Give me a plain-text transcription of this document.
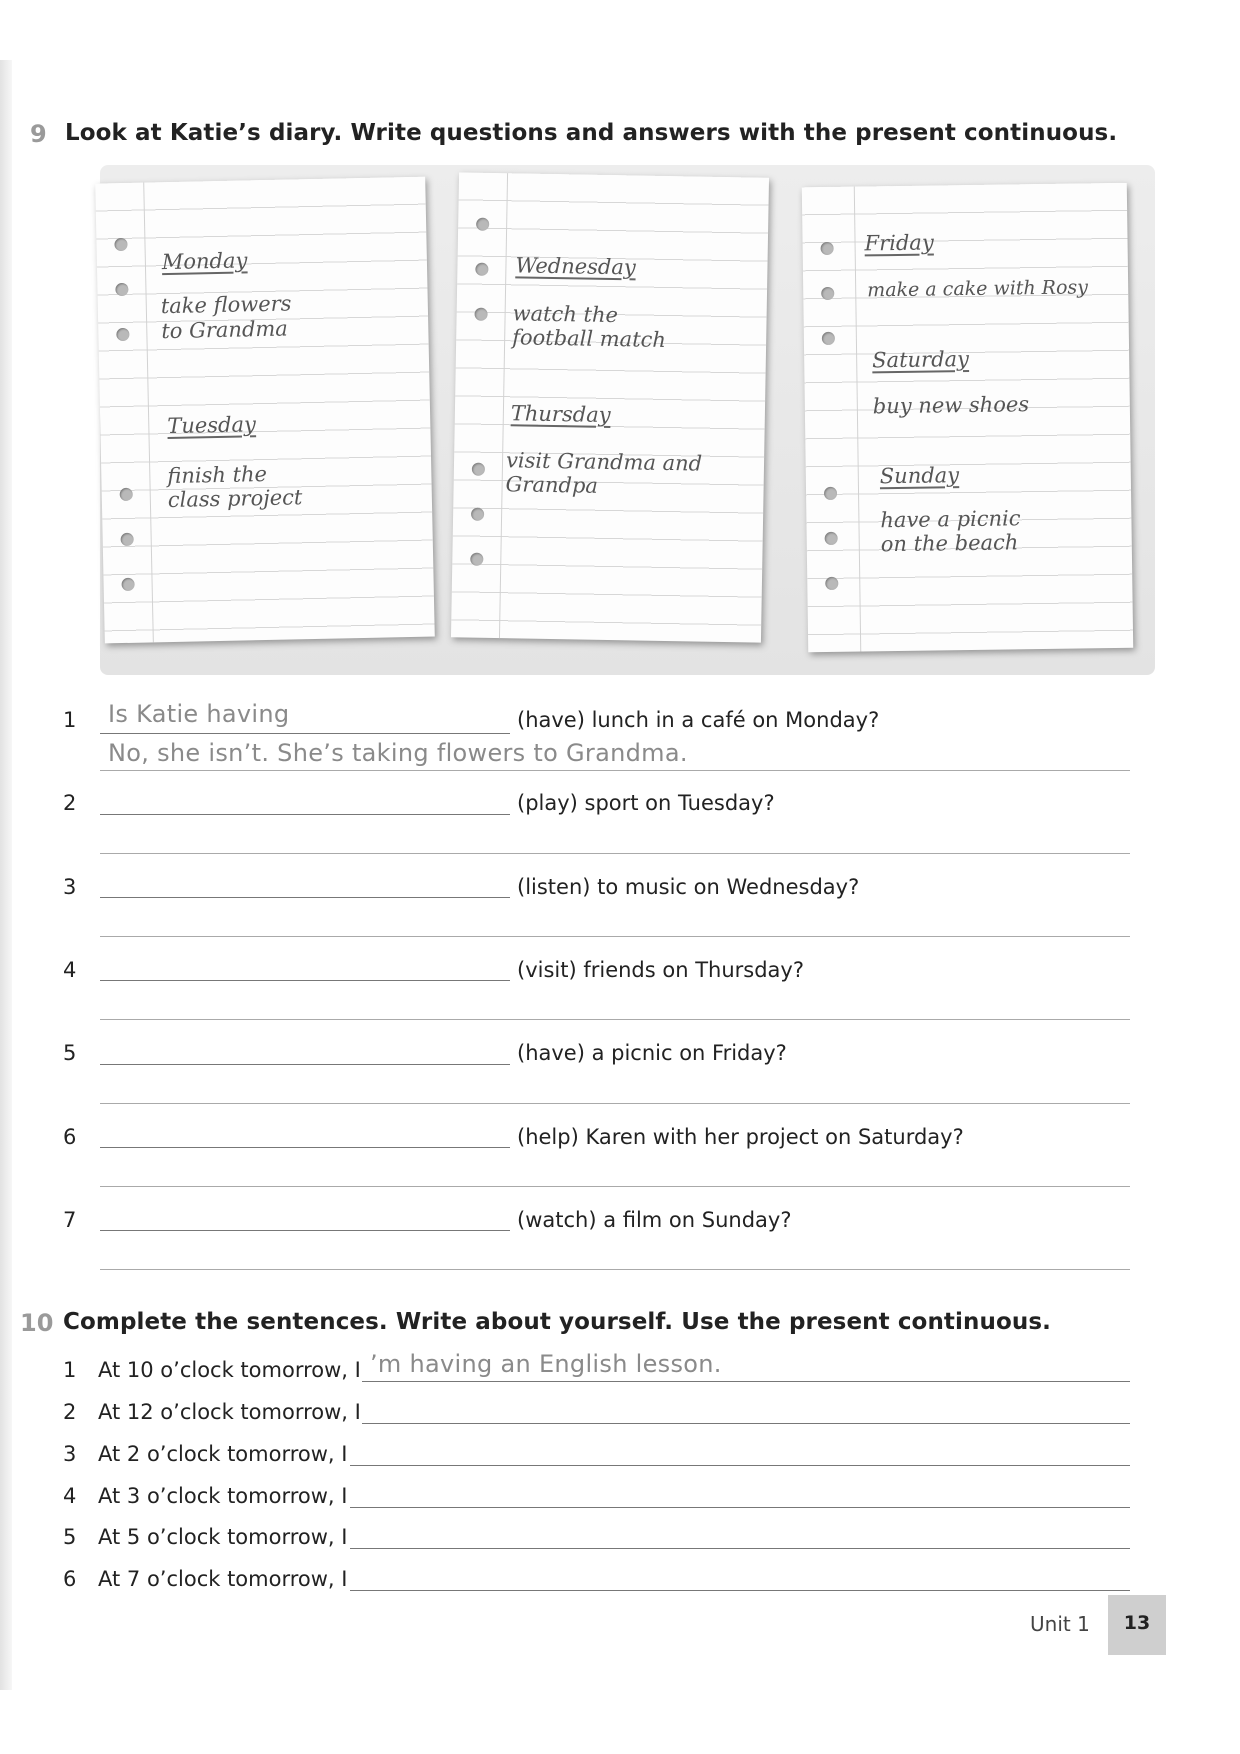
9 Look at Katie’s diary. Write questions and answers with the present continuous.
Monday
take flowers
to Grandma
Tuesday
finish the
class project
Wednesday
watch the
football match
Thursday
visit Grandma and
Grandpa
Friday
make a cake with Rosy
Saturday
buy new shoes
Sunday
have a picnic
on the beach
1 Is Katie having	(have) lunch in a café on Monday?
No, she isn’t. She’s taking flowers to Grandma.
2	(play) sport on Tuesday?
3	(listen) to music on Wednesday?
4	(visit) friends on Thursday?
5	(have) a picnic on Friday?
6	(help) Karen with her project on Saturday?
7	(watch) a film on Sunday?
10 Complete the sentences. Write about yourself. Use the present continuous.
1 At 10 o’clock tomorrow, I ’m having an English lesson.
2 At 12 o’clock tomorrow, I
3 At 2 o’clock tomorrow, I
4 At 3 o’clock tomorrow, I
5 At 5 o’clock tomorrow, I
6 At 7 o’clock tomorrow, I
Unit 1	13
